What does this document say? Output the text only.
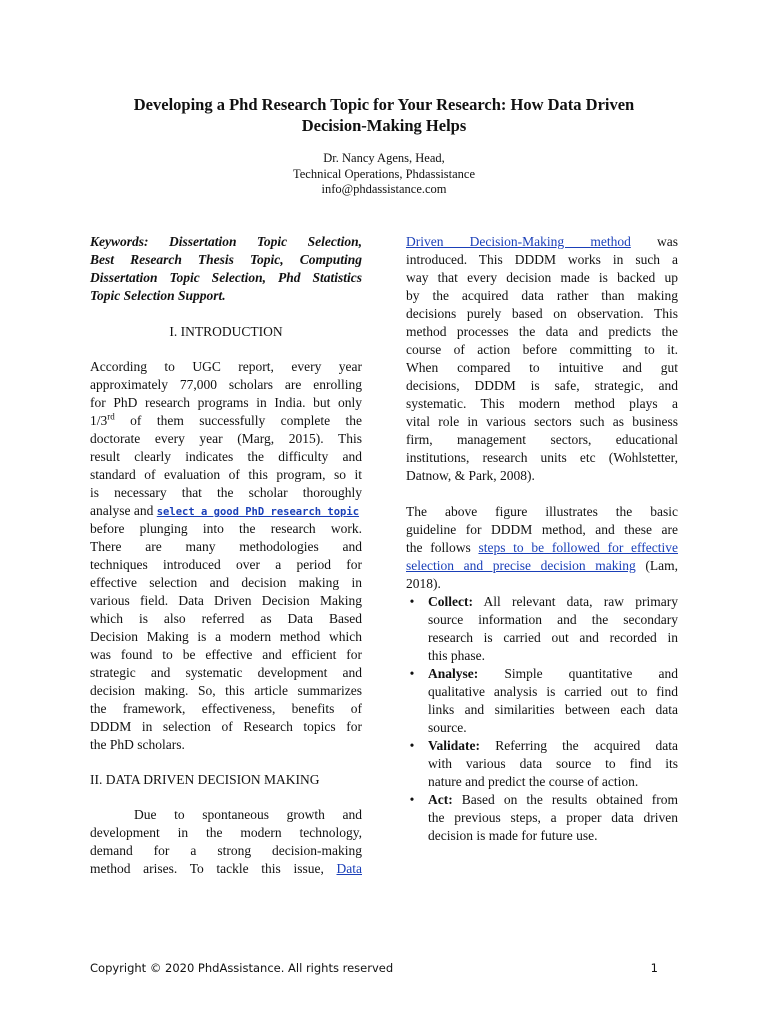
Developing a Phd Research Topic for Your Research: How Data Driven
Decision-Making Helps
Dr. Nancy Agens, Head,
Technical Operations, Phdassistance
info@phdassistance.com
Keywords: Dissertation Topic Selection,
Best Research Thesis Topic, Computing
Dissertation Topic Selection, Phd Statistics
Topic Selection Support.

I. INTRODUCTION

According to UGC report, every year
approximately 77,000 scholars are enrolling
for PhD research programs in India. but only
1/3rd of them successfully complete the
doctorate every year (Marg, 2015). This
result clearly indicates the difficulty and
standard of evaluation of this program, so it
is necessary that the scholar thoroughly
analyse and select a good PhD research topic
before plunging into the research work.
There are many methodologies and
techniques introduced over a period for
effective selection and decision making in
various field. Data Driven Decision Making
which is also referred as Data Based
Decision Making is a modern method which
was found to be effective and efficient for
strategic and systematic development and
decision making. So, this article summarizes
the framework, effectiveness, benefits of
DDDM in selection of Research topics for
the PhD scholars.

II. DATA DRIVEN DECISION MAKING

Due to spontaneous growth and
development in the modern technology,
demand for a strong decision-making
method arises. To tackle this issue, Data
Driven Decision-Making method was
introduced. This DDDM works in such a
way that every decision made is backed up
by the acquired data rather than making
decisions purely based on observation. This
method processes the data and predicts the
course of action before committing to it.
When compared to intuitive and gut
decisions, DDDM is safe, strategic, and
systematic. This modern method plays a
vital role in various sectors such as business
firm, management sectors, educational
institutions, research units etc (Wohlstetter,
Datnow, & Park, 2008).
The above figure illustrates the basic
guideline for DDDM method, and these are
the follows steps to be followed for effective
selection and precise decision making (Lam,
2018).
• Collect: All relevant data, raw primary
source information and the secondary
research is carried out and recorded in
this phase.
• Analyse: Simple quantitative and
qualitative analysis is carried out to find
links and similarities between each data
source.
• Validate: Referring the acquired data
with various data source to find its
nature and predict the course of action.
• Act: Based on the results obtained from
the previous steps, a proper data driven
decision is made for future use.
Copyright © 2020 PhdAssistance. All rights reserved	1
